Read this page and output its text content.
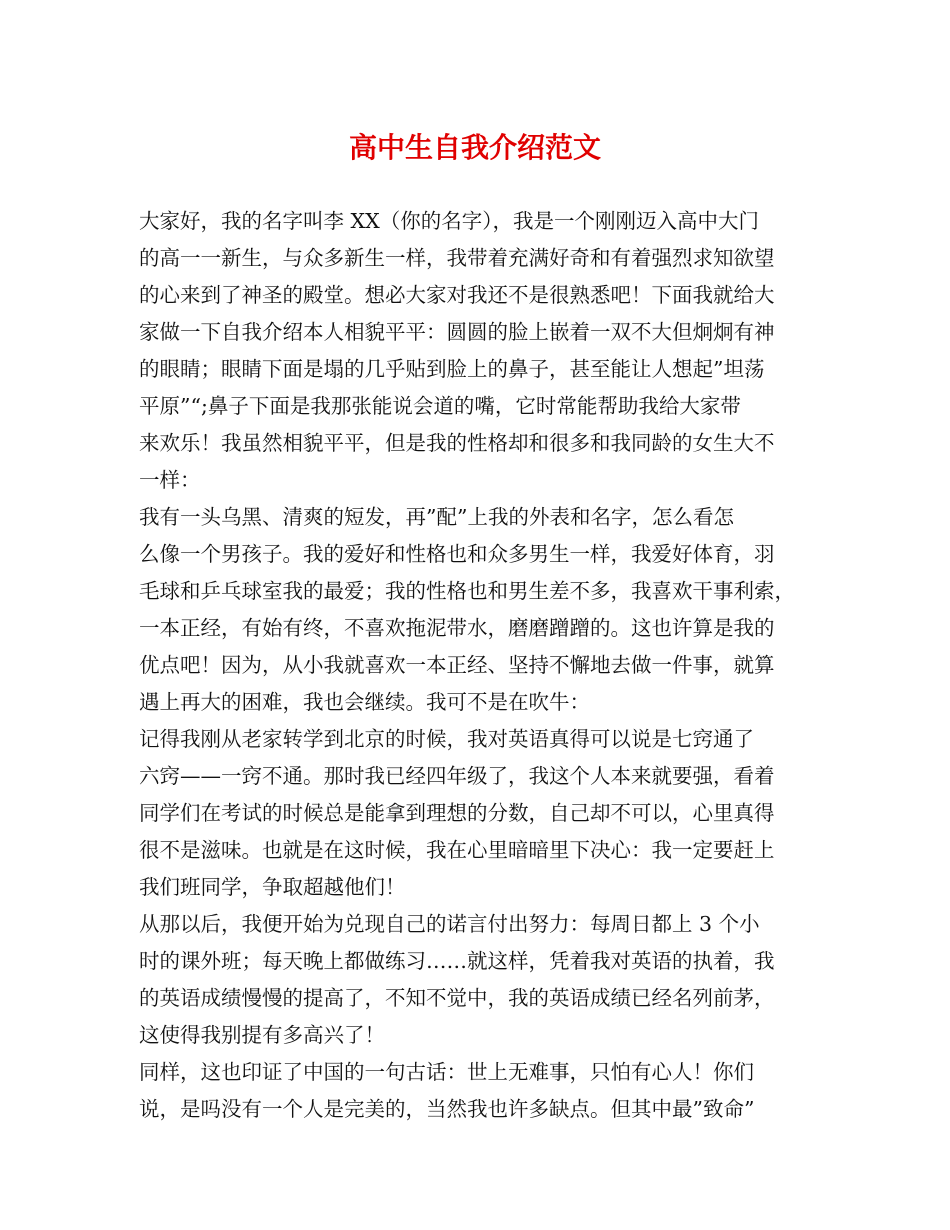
高中生自我介绍范文
大家好，我的名字叫李 XX（你的名字），我是一个刚刚迈入高中大门
的高一一新生，与众多新生一样，我带着充满好奇和有着强烈求知欲望
的心来到了神圣的殿堂。想必大家对我还不是很熟悉吧！下面我就给大
家做一下自我介绍本人相貌平平：圆圆的脸上嵌着一双不大但炯炯有神
的眼睛；眼睛下面是塌的几乎贴到脸上的鼻子，甚至能让人想起”坦荡
平原”“;鼻子下面是我那张能说会道的嘴，它时常能帮助我给大家带
来欢乐！我虽然相貌平平，但是我的性格却和很多和我同龄的女生大不
一样：
我有一头乌黑、清爽的短发，再”配”上我的外表和名字，怎么看怎
么像一个男孩子。我的爱好和性格也和众多男生一样，我爱好体育，羽
毛球和乒乓球室我的最爱；我的性格也和男生差不多，我喜欢干事利索，
一本正经，有始有终，不喜欢拖泥带水，磨磨蹭蹭的。这也许算是我的
优点吧！因为，从小我就喜欢一本正经、坚持不懈地去做一件事，就算
遇上再大的困难，我也会继续。我可不是在吹牛：
记得我刚从老家转学到北京的时候，我对英语真得可以说是七窍通了
六窍——一窍不通。那时我已经四年级了，我这个人本来就要强，看着
同学们在考试的时候总是能拿到理想的分数，自己却不可以，心里真得
很不是滋味。也就是在这时候，我在心里暗暗里下决心：我一定要赶上
我们班同学，争取超越他们！
从那以后，我便开始为兑现自己的诺言付出努力：每周日都上 3 个小
时的课外班；每天晚上都做练习……就这样，凭着我对英语的执着，我
的英语成绩慢慢的提高了，不知不觉中，我的英语成绩已经名列前茅，
这使得我别提有多高兴了！
同样，这也印证了中国的一句古话：世上无难事，只怕有心人！你们
说，是吗没有一个人是完美的，当然我也许多缺点。但其中最”致命”
